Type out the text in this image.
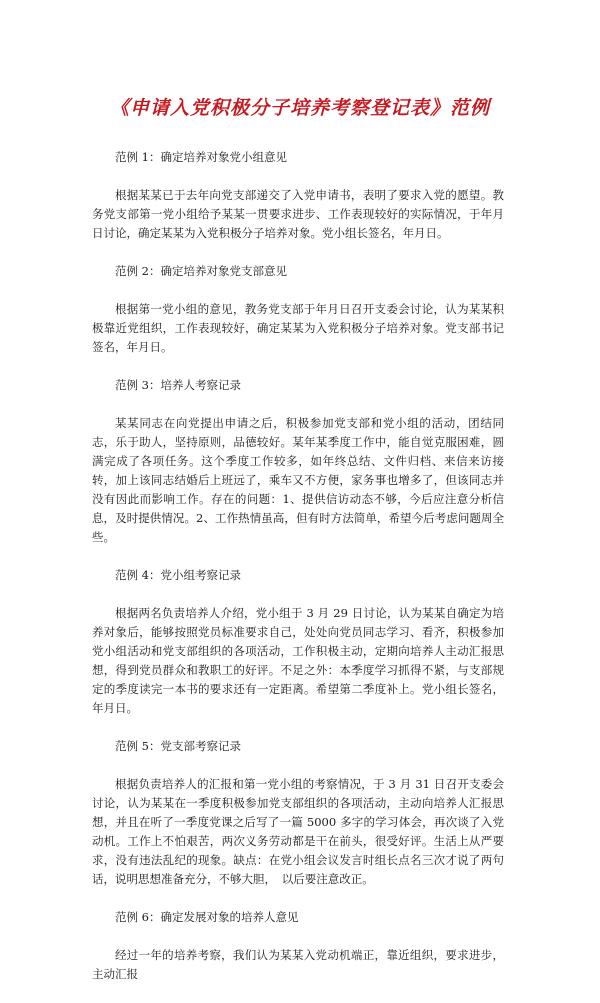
《申请入党积极分子培养考察登记表》范例
范例 1：确定培养对象党小组意见
根据某某已于去年向党支部递交了入党申请书，表明了要求入党的愿望。教务党支部第一党小组给予某某一贯要求进步、工作表现较好的实际情况，于年月日讨论，确定某某为入党积极分子培养对象。党小组长签名，年月日。
范例 2：确定培养对象党支部意见
根据第一党小组的意见，教务党支部于年月日召开支委会讨论，认为某某积极靠近党组织，工作表现较好，确定某某为入党积极分子培养对象。党支部书记签名，年月日。
范例 3：培养人考察记录
某某同志在向党提出申请之后，积极参加党支部和党小组的活动，团结同志，乐于助人，坚持原则，品德较好。某年某季度工作中，能自觉克服困难，圆满完成了各项任务。这个季度工作较多，如年终总结、文件归档、来信来访接转，加上该同志结婚后上班远了，乘车又不方便，家务事也增多了，但该同志并没有因此而影响工作。存在的问题：1、提供信访动态不够，今后应注意分析信息，及时提供情况。2、工作热情虽高，但有时方法简单，希望今后考虑问题周全些。
范例 4：党小组考察记录
根据两名负责培养人介绍，党小组于 3 月 29 日讨论，认为某某自确定为培养对象后，能够按照党员标准要求自己，处处向党员同志学习、看齐，积极参加党小组活动和党支部组织的各项活动，工作积极主动，定期向培养人主动汇报思想，得到党员群众和教职工的好评。不足之外：本季度学习抓得不紧，与支部规定的季度读完一本书的要求还有一定距离。希望第二季度补上。党小组长签名，年月日。
范例 5：党支部考察记录
根据负责培养人的汇报和第一党小组的考察情况，于 3 月 31 日召开支委会讨论，认为某某在一季度积极参加党支部组织的各项活动，主动向培养人汇报思想，并且在听了一季度党课之后写了一篇 5000 多字的学习体会，再次谈了入党动机。工作上不怕艰苦，两次义务劳动都是干在前头，很受好评。生活上从严要求，没有违法乱纪的现象。缺点：在党小组会议发言时组长点名三次才说了两句话，说明思想准备充分，不够大胆，　以后要注意改正。
范例 6：确定发展对象的培养人意见
经过一年的培养考察，我们认为某某入党动机端正，靠近组织，要求进步，主动汇报
